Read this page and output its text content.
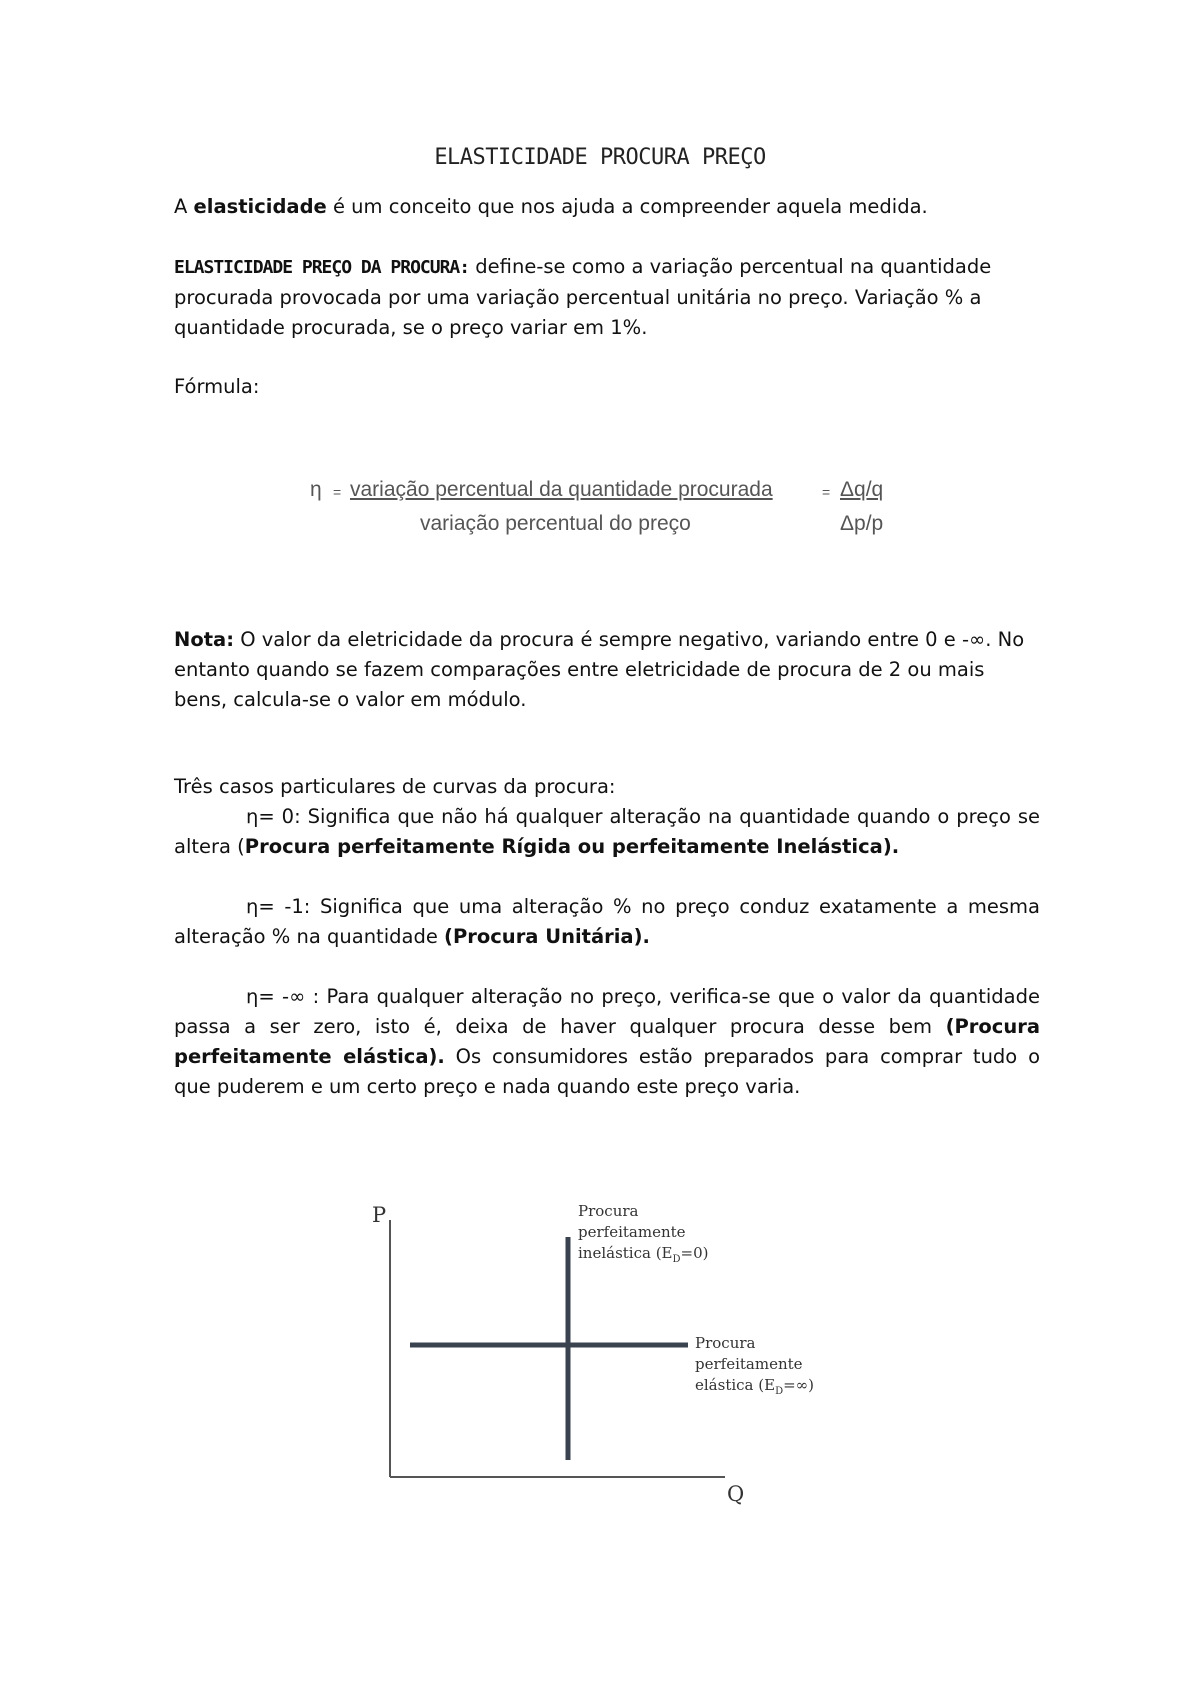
ELASTICIDADE PROCURA PREÇO

A elasticidade é um conceito que nos ajuda a compreender aquela medida.

ELASTICIDADE PREÇO DA PROCURA: define-se como a variação percentual na quantidade procurada provocada por uma variação percentual unitária no preço. Variação % a quantidade procurada, se o preço variar em 1%.

Fórmula:

η = variação percentual da quantidade procurada	= Δq/q
variação percentual do preço	Δp/p

Nota: O valor da eletricidade da procura é sempre negativo, variando entre 0 e -∞. No entanto quando se fazem comparações entre eletricidade de procura de 2 ou mais bens, calcula-se o valor em módulo.

Três casos particulares de curvas da procura:

η= 0: Significa que não há qualquer alteração na quantidade quando o preço se altera (Procura perfeitamente Rígida ou perfeitamente Inelástica).

η= -1: Significa que uma alteração % no preço conduz exatamente a mesma alteração % na quantidade (Procura Unitária).

η= -∞ : Para qualquer alteração no preço, verifica-se que o valor da quantidade passa a ser zero, isto é, deixa de haver qualquer procura desse bem (Procura perfeitamente elástica). Os consumidores estão preparados para comprar tudo o que puderem e um certo preço e nada quando este preço varia.

P
Q
Procura
perfeitamente
inelástica $(E_D=0)$
Procura
perfeitamente
elástica $(E_D=\infty)$
